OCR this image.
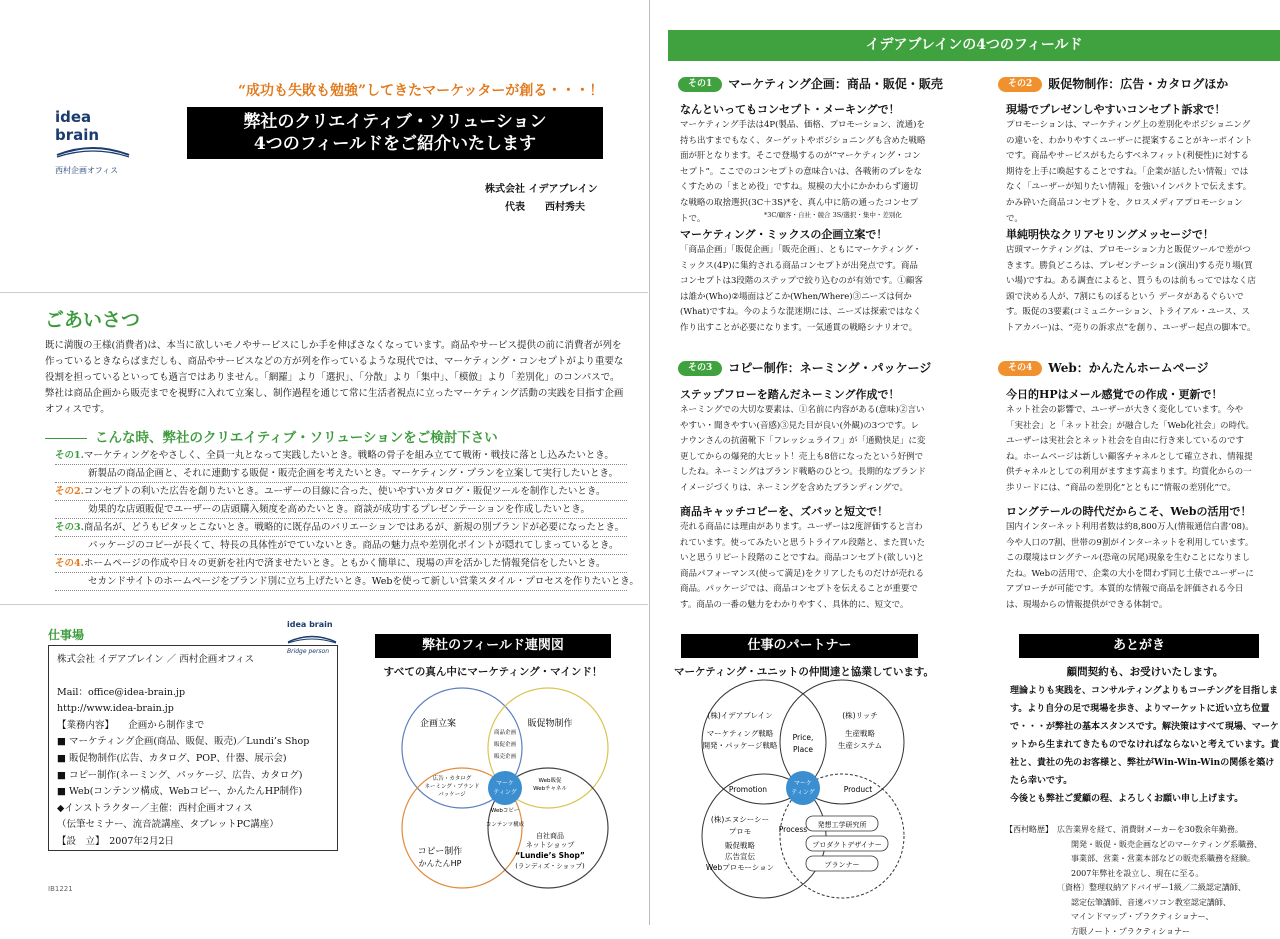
“成功も失敗も勉強”してきたマーケッターが創る・・・！
idea brain
西村企画オフィス
弊社のクリエイティブ・ソリューション
4つのフィールドをご紹介いたします
株式会社 イデアブレイン
代表　　西村秀夫
ごあいさつ
既に満腹の王様(消費者)は、本当に欲しいモノやサービスにしか手を伸ばさなくなっています。商品やサービス提供の前に消費者が列を作っているときならばまだしも、商品やサービスなどの方が列を作っているような現代では、マーケティング・コンセプトがより重要な役割を担っているといっても過言ではありません。「網羅」より「選択」、「分散」より「集中」、「模倣」より「差別化」のコンパスで。弊社は商品企画から販売までを視野に入れて立案し、制作過程を通じて常に生活者視点に立ったマーケティング活動の実践を目指す企画オフィスです。
こんな時、弊社のクリエイティブ・ソリューションをご検討下さい
その1.マーケティングをやさしく、全員一丸となって実践したいとき。戦略の骨子を組み立てて戦術・戦技に落とし込みたいとき。
新製品の商品企画と、それに連動する販促・販売企画を考えたいとき。マーケティング・プランを立案して実行したいとき。
その2.コンセプトの利いた広告を創りたいとき。ユーザーの目線に合った、使いやすいカタログ・販促ツールを制作したいとき。
効果的な店頭販促でユーザーの店頭購入頻度を高めたいとき。商談が成功するプレゼンテーションを作成したいとき。
その3.商品名が、どうもピタッとこないとき。戦略的に既存品のバリエーションではあるが、新規の別ブランドが必要になったとき。
パッケージのコピーが長くて、特長の具体性がでていないとき。商品の魅力点や差別化ポイントが隠れてしまっているとき。
その4.ホームページの作成や日々の更新を社内で済ませたいとき。ともかく簡単に、現場の声を活かした情報発信をしたいとき。
セカンドサイトのホームページをブランド別に立ち上げたいとき。Webを使って新しい営業スタイル・プロセスを作りたいとき。
仕事場
idea brain
Bridge person
株式会社 イデアブレイン ／ 西村企画オフィス
Mail：office@idea-brain.jp
http://www.idea-brain.jp
【業務内容】　　企画から制作まで
■ マーケティング企画(商品、販促、販売)／Lundi’s Shop
■ 販促物制作(広告、カタログ、POP、什器、展示会)
■ コピー制作(ネーミング、パッケージ、広告、カタログ)
■ Web(コンテンツ構成、Webコピー、かんたんHP制作)
◆インストラクター／主催：西村企画オフィス
（伝筆セミナー、流音読講座、タブレットPC講座）
【設　立】　2007年2月2日
IB1221
弊社のフィールド連関図
すべての真ん中にマーケティング・マインド！
マーケ
ティング
企画立案	販促物制作
コピー制作
かんたんHP
自社商品
ネットショップ
“Lundie’s Shop”
(ランディズ・ショップ)
商品企画
販促企画
販売企画
広告・カタログ
ネーミング・ブランド
パッケージ
Web販促
Webチャネル
Webコピー
コンテンツ構成
イデアブレインの4つのフィールド
その1 マーケティング企画：商品・販促・販売
なんといってもコンセプト・メーキングで！
マーケティング手法は4P(製品、価格、プロモーション、流通)を持ち出すまでもなく、ターゲットやポジショニングも含めた戦略面が肝となります。そこで登場するのが“マーケティング・コンセプト”。ここでのコンセプトの意味合いは、各戦術のブレをなくすための「まとめ役」ですね。規模の大小にかかわらず適切な戦略の取捨選択(3C＋3S)*を、真ん中に筋の通ったコンセプトで。	*3C/顧客・自社・競合 3S/選択・集中・差別化
マーケティング・ミックスの企画立案で！
「商品企画」「販促企画」「販売企画」、ともにマーケティング・ミックス(4P)に集約される商品コンセプトが出発点です。商品コンセプトは3段階のステップで絞り込むのが有効です。①顧客は誰か(Who)②場面はどこか(When/Where)③ニーズは何か(What)ですね。今のような混迷期には、ニーズは探索ではなく作り出すことが必要になります。一気通貫の戦略シナリオで。
その2 販促物制作：広告・カタログほか
現場でプレゼンしやすいコンセプト訴求で！
プロモーションは、マーケティング上の差別化やポジショニングの違いを、わかりやすくユーザーに提案することがキーポイントです。商品やサービスがもたらすベネフィット(利便性)に対する期待を上手に喚起することですね。「企業が話したい情報」ではなく「ユーザーが知りたい情報」を強いインパクトで伝えます。かみ砕いた商品コンセプトを、クロスメディアプロモーションで。
単純明快なクリアセリングメッセージで！
店頭マーケティングは、プロモーション力と販促ツールで差がつきます。勝負どころは、プレゼンテーション(演出)する売り場(買い場)ですね。ある調査によると、買うものは前もってではなく店頭で決める人が、7割にものぼるという データがあるぐらいです。販促の3要素(コミュニケーション、トライアル・ユース、ストアカバー)は、“売りの訴求点”を創り、ユーザー起点の脚本で。
その3 コピー制作：ネーミング・パッケージ
ステップフローを踏んだネーミング作成で！
ネーミングでの大切な要素は、①名前に内容がある(意味)②言いやすい・聞きやすい(音感)③見た目が良い(外観)の3つです。レナウンさんの抗菌靴下「フレッシュライフ」が「通勤快足」に変更してからの爆発的大ヒット！売上も8倍になったという好例でしたね。ネーミングはブランド戦略のひとつ。長期的なブランドイメージづくりは、ネーミングを含めたブランディングで。
商品キャッチコピーを、ズバッと短文で！
売れる商品には理由があります。ユーザーは2度評価すると言われています。使ってみたいと思うトライアル段階と、また買いたいと思うリピート段階のことですね。商品コンセプト(欲しい)と商品パフォーマンス(使って満足)をクリアしたものだけが売れる商品。パッケージでは、商品コンセプトを伝えることが重要です。商品の一番の魅力をわかりやすく、具体的に、短文で。
その4 Web：かんたんホームページ
今日的HPはメール感覚での作成・更新で！
ネット社会の影響で、ユーザーが大きく変化しています。今や「実社会」と「ネット社会」が融合した「Web化社会」の時代。ユーザーは実社会とネット社会を自由に行き来しているのですね。ホームページは新しい顧客チャネルとして確立され、情報提供チャネルとしての利用がますます高まります。均質化からの一歩リードには、“商品の差別化”とともに“情報の差別化”で。
ロングテールの時代だからこそ、Webの活用で！
国内インターネット利用者数は約8,800万人(情報通信白書‘08)。今や人口の7割、世帯の9割がインターネットを利用しています。この環境はロングテール(恐竜の尻尾)現象を生むことになりましたね。Webの活用で、企業の大小を問わず同じ土俵でユーザーにアプローチが可能です。本質的な情報で商品を評価される今日は、現場からの情報提供ができる体制で。
仕事のパートナー
マーケティング・ユニットの仲間達と協業しています。
マーケ
ティング
(株)イデアブレイン
マーケティング戦略
開発・パッケージ戦略
(株)リッチ
生産戦略
生産システム
Price,
Place
Promotion	Product
Process
(株)エヌシーシー
プロモ
販促戦略
広告宣伝
Webプロモーション
発想工学研究所
プロダクトデザイナー
プランナー
あとがき
顧問契約も、お受けいたします。
理論よりも実践を、コンサルティングよりもコーチングを目指します。より自分の足で現場を歩き、よりマーケットに近い立ち位置で・・・が弊社の基本スタンスです。解決策はすべて現場、マーケットから生まれてきたものでなければならないと考えています。貴社と、貴社の先のお客様と、弊社がWin-Win-Winの関係を築けたら幸いです。
今後とも弊社ご愛顧の程、よろしくお願い申し上げます。
【西村略歴】 広告業界を経て、消費財メーカーを30数余年勤務。
開発・販促・販売企画などのマーケティング系職務、
事業部、営業・営業本部などの販売系職務を経験。
2007年弊社を設立し、現在に至る。
〔資格〕整理収納アドバイザー1級／二級認定講師、
認定伝筆講師、音速パソコン教室認定講師、
マインドマップ・プラクティショナー、
方眼ノート・プラクティショナー
